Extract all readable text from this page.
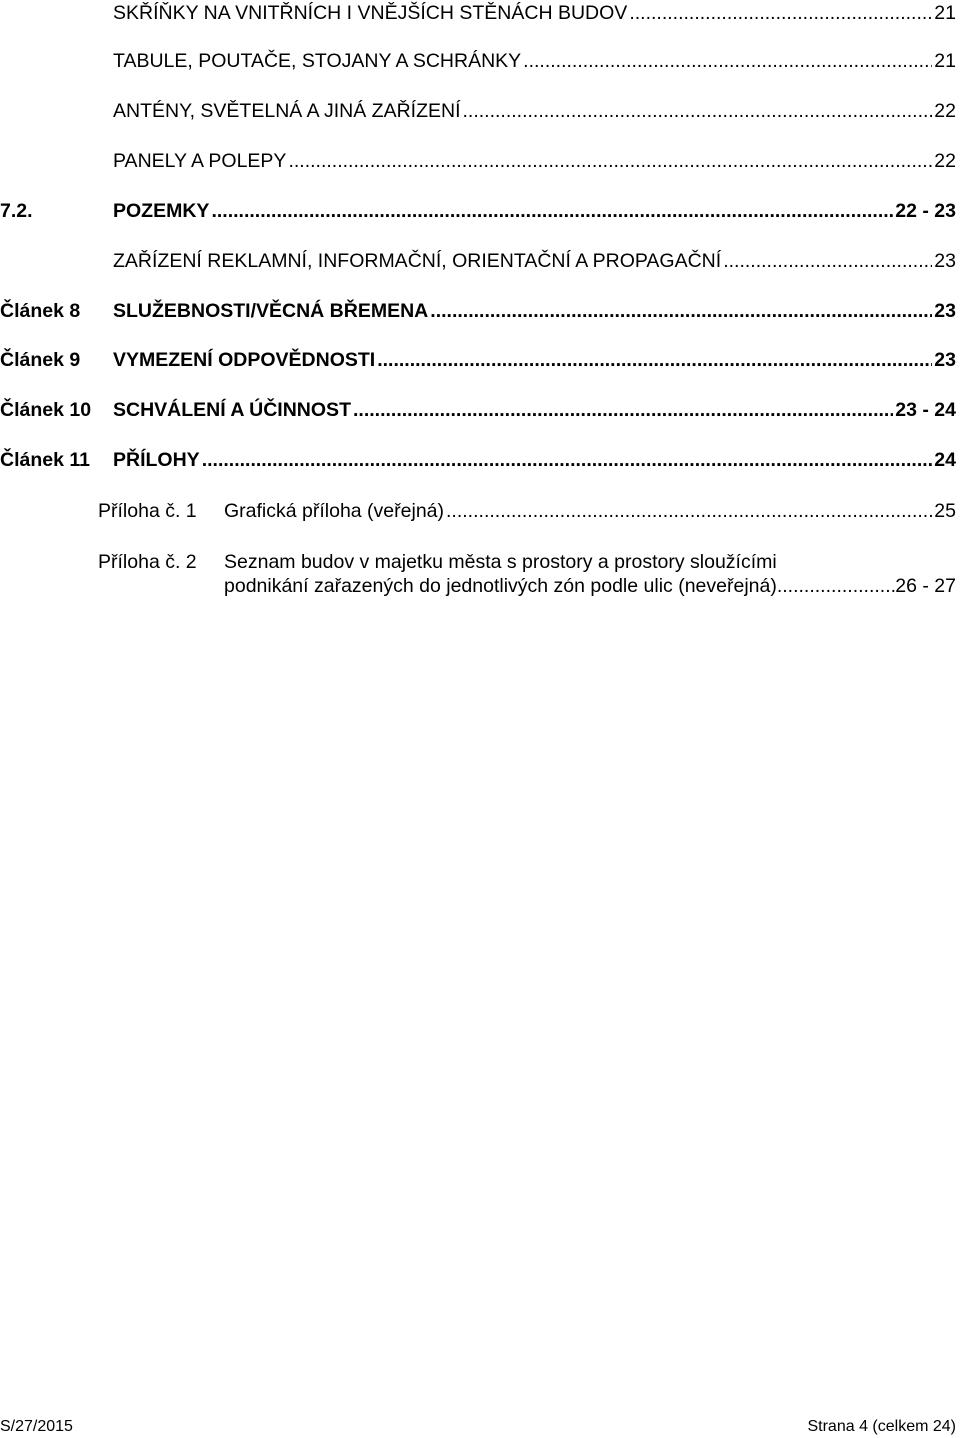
SKŘÍŇKY NA VNITŘNÍCH I VNĚJŠÍCH STĚNÁCH BUDOV .....	21
TABULE, POUTAČE, STOJANY A SCHRÁNKY .....	21
ANTÉNY, SVĚTELNÁ A JINÁ ZAŘÍZENÍ .....	22
PANELY A POLEPY .....	22
7.2.	POZEMKY .....	22 - 23
ZAŘÍZENÍ REKLAMNÍ, INFORMAČNÍ, ORIENTAČNÍ A PROPAGAČNÍ .....	23
Článek 8 SLUŽEBNOSTI/VĚCNÁ BŘEMENA .....	23
Článek 9 VYMEZENÍ ODPOVĚDNOSTI .....	23
Článek 10 SCHVÁLENÍ A ÚČINNOST .....	23 - 24
Článek 11 PŘÍLOHY .....	24
Příloha č. 1 Grafická příloha (veřejná) .....	25
Příloha č. 2 Seznam budov v majetku města s prostory a prostory sloužícími
podnikání zařazených do jednotlivých zón podle ulic (neveřejná) .....	26 - 27
S/27/2015	Strana 4 (celkem 24)
